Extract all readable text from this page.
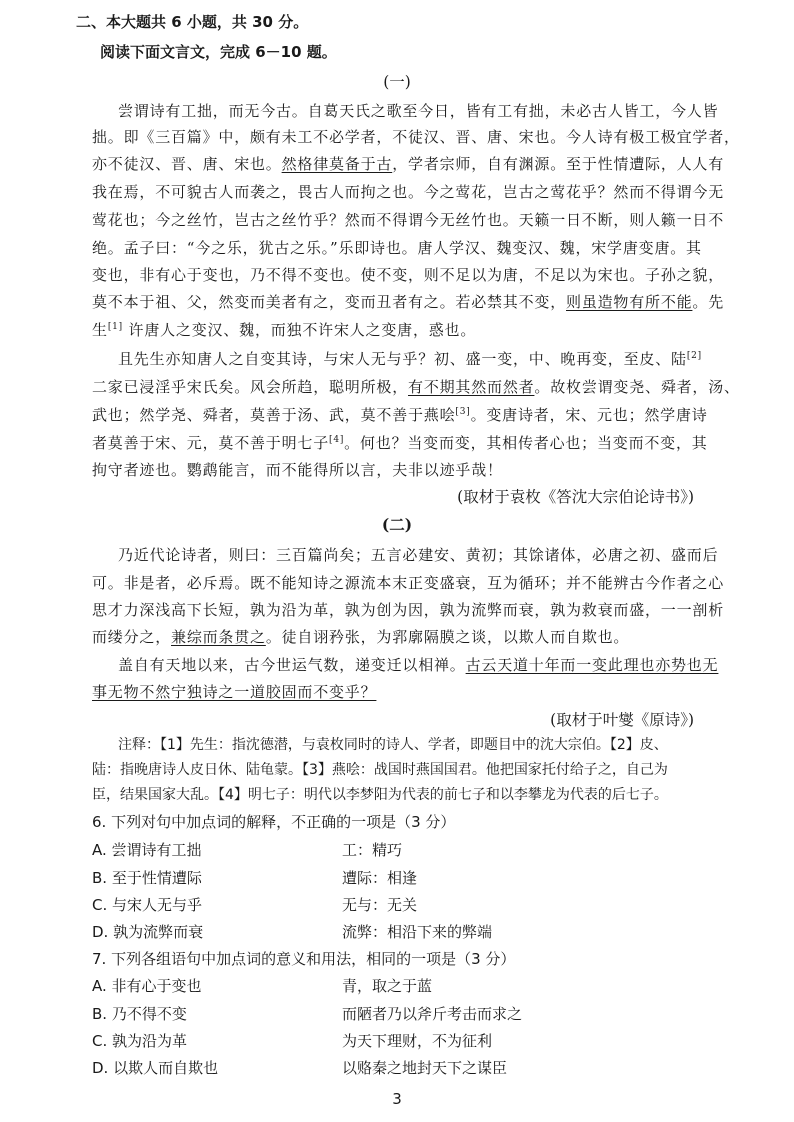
二、本大题共 6 小题，共 30 分。
阅读下面文言文，完成 6－10 题。
(一)
尝谓诗有工拙，而无今古。自葛天氏之歌至今日，皆有工有拙，未必古人皆工，今人皆
拙。即《三百篇》中，颇有未工不必学者，不徒汉、晋、唐、宋也。今人诗有极工极宜学者，
亦不徒汉、晋、唐、宋也。然格律莫备于古，学者宗师，自有渊源。至于性情遭际，人人有
我在焉，不可貌古人而袭之，畏古人而拘之也。今之莺花，岂古之莺花乎？然而不得谓今无
莺花也；今之丝竹，岂古之丝竹乎？然而不得谓今无丝竹也。天籁一日不断，则人籁一日不
绝。孟子曰：“今之乐，犹古之乐。”乐即诗也。唐人学汉、魏变汉、魏，宋学唐变唐。其
变也，非有心于变也，乃不得不变也。使不变，则不足以为唐，不足以为宋也。子孙之貌，
莫不本于祖、父，然变而美者有之，变而丑者有之。若必禁其不变，则虽造物有所不能。先
生[1] 许唐人之变汉、魏，而独不许宋人之变唐，惑也。
且先生亦知唐人之自变其诗，与宋人无与乎？初、盛一变，中、晚再变，至皮、陆[2]
二家已浸淫乎宋氏矣。风会所趋，聪明所极，有不期其然而然者。故枚尝谓变尧、舜者，汤、
武也；然学尧、舜者，莫善于汤、武，莫不善于燕哙[3]。变唐诗者，宋、元也；然学唐诗
者莫善于宋、元，莫不善于明七子[4]。何也？当变而变，其相传者心也；当变而不变，其
拘守者迹也。鹦鹉能言，而不能得所以言，夫非以迹乎哉！
(取材于袁枚《答沈大宗伯论诗书》)
(二)
乃近代论诗者，则曰：三百篇尚矣；五言必建安、黄初；其馀诸体，必唐之初、盛而后
可。非是者，必斥焉。既不能知诗之源流本末正变盛衰，互为循环；并不能辨古今作者之心
思才力深浅高下长短，孰为沿为革，孰为创为因，孰为流弊而衰，孰为救衰而盛，一一剖析
而缕分之，兼综而条贯之。徒自诩矜张，为郛廓隔膜之谈，以欺人而自欺也。
盖自有天地以来，古今世运气数，递变迁以相禅。古云天道十年而一变此理也亦势也无
事无物不然宁独诗之一道胶固而不变乎？
(取材于叶燮《原诗》)
注释：【1】先生：指沈德潜，与袁枚同时的诗人、学者，即题目中的沈大宗伯。【2】皮、
陆：指晚唐诗人皮日休、陆龟蒙。【3】燕哙：战国时燕国国君。他把国家托付给子之，自己为
臣，结果国家大乱。【4】明七子：明代以李梦阳为代表的前七子和以李攀龙为代表的后七子。
6. 下列对句中加点词的解释，不正确的一项是（3 分）
A. 尝谓诗有工拙	工：精巧
B. 至于性情遭际	遭际：相逢
C. 与宋人无与乎	无与：无关
D. 孰为流弊而衰	流弊：相沿下来的弊端
7. 下列各组语句中加点词的意义和用法，相同的一项是（3 分）
A. 非有心于变也	青，取之于蓝
B. 乃不得不变	而陋者乃以斧斤考击而求之
C. 孰为沿为革	为天下理财，不为征利
D. 以欺人而自欺也	以赂秦之地封天下之谋臣
3
